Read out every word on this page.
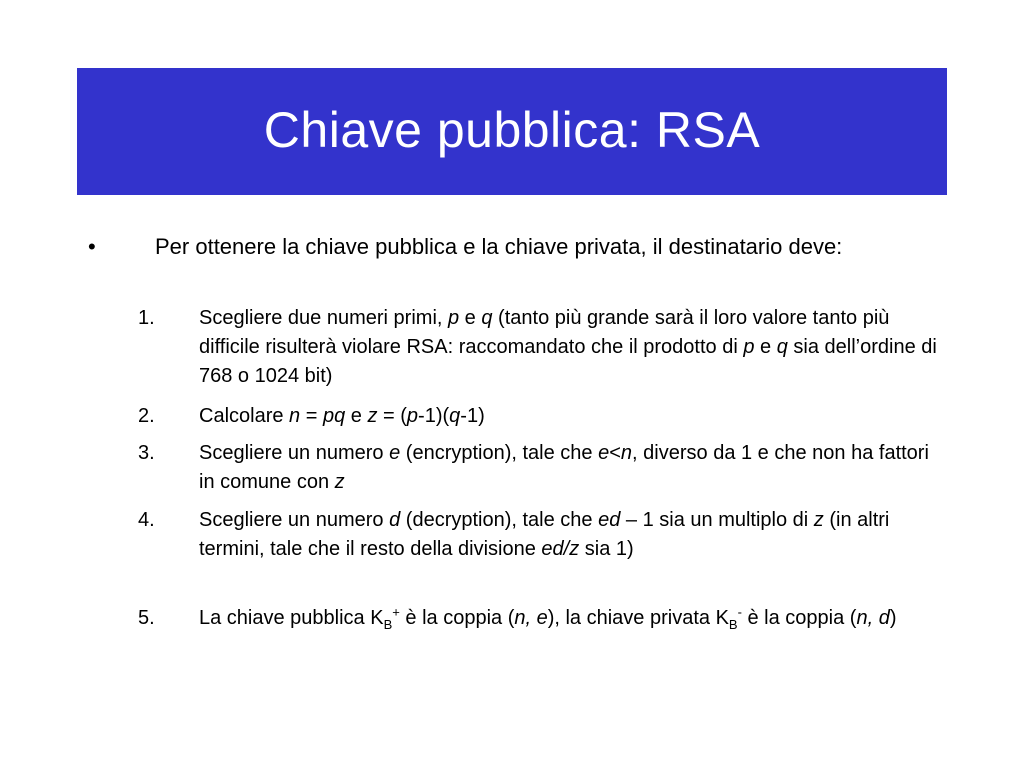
Chiave pubblica: RSA
•	Per ottenere la chiave pubblica e la chiave privata, il destinatario deve:
1. Scegliere due numeri primi, p e q (tanto più grande sarà il loro valore tanto più difficile risulterà violare RSA: raccomandato che il prodotto di p e q sia dell’ordine di 768 o 1024 bit)
2. Calcolare n = pq e z = (p-1)(q-1)
3. Scegliere un numero e (encryption), tale che e<n, diverso da 1 e che non ha fattori in comune con z
4. Scegliere un numero d (decryption), tale che ed – 1 sia un multiplo di z (in altri termini, tale che il resto della divisione ed/z sia 1)
5. La chiave pubblica $K_B^+$ è la coppia (n, e), la chiave privata $K_B^-$ è la coppia (n, d)
